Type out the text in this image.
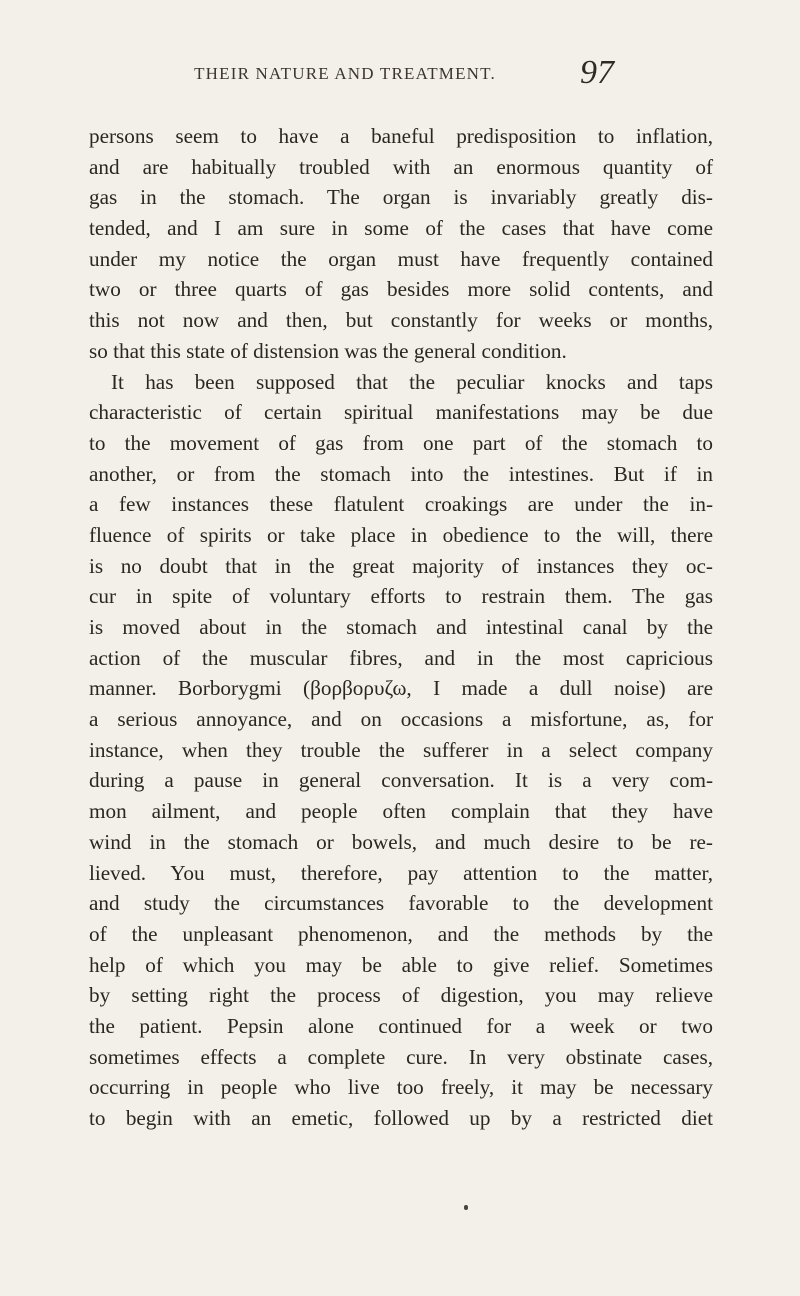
THEIR NATURE AND TREATMENT.	97
persons seem to have a baneful predisposition to inflation,
and are habitually troubled with an enormous quantity of
gas in the stomach. The organ is invariably greatly dis-
tended, and I am sure in some of the cases that have come
under my notice the organ must have frequently contained
two or three quarts of gas besides more solid contents, and
this not now and then, but constantly for weeks or months,
so that this state of distension was the general condition.
It has been supposed that the peculiar knocks and taps
characteristic of certain spiritual manifestations may be due
to the movement of gas from one part of the stomach to
another, or from the stomach into the intestines. But if in
a few instances these flatulent croakings are under the in-
fluence of spirits or take place in obedience to the will, there
is no doubt that in the great majority of instances they oc-
cur in spite of voluntary efforts to restrain them. The gas
is moved about in the stomach and intestinal canal by the
action of the muscular fibres, and in the most capricious
manner. Borborygmi (βορβορυζω, I made a dull noise) are
a serious annoyance, and on occasions a misfortune, as, for
instance, when they trouble the sufferer in a select company
during a pause in general conversation. It is a very com-
mon ailment, and people often complain that they have
wind in the stomach or bowels, and much desire to be re-
lieved. You must, therefore, pay attention to the matter,
and study the circumstances favorable to the development
of the unpleasant phenomenon, and the methods by the
help of which you may be able to give relief. Sometimes
by setting right the process of digestion, you may relieve
the patient. Pepsin alone continued for a week or two
sometimes effects a complete cure. In very obstinate cases,
occurring in people who live too freely, it may be necessary
to begin with an emetic, followed up by a restricted diet
